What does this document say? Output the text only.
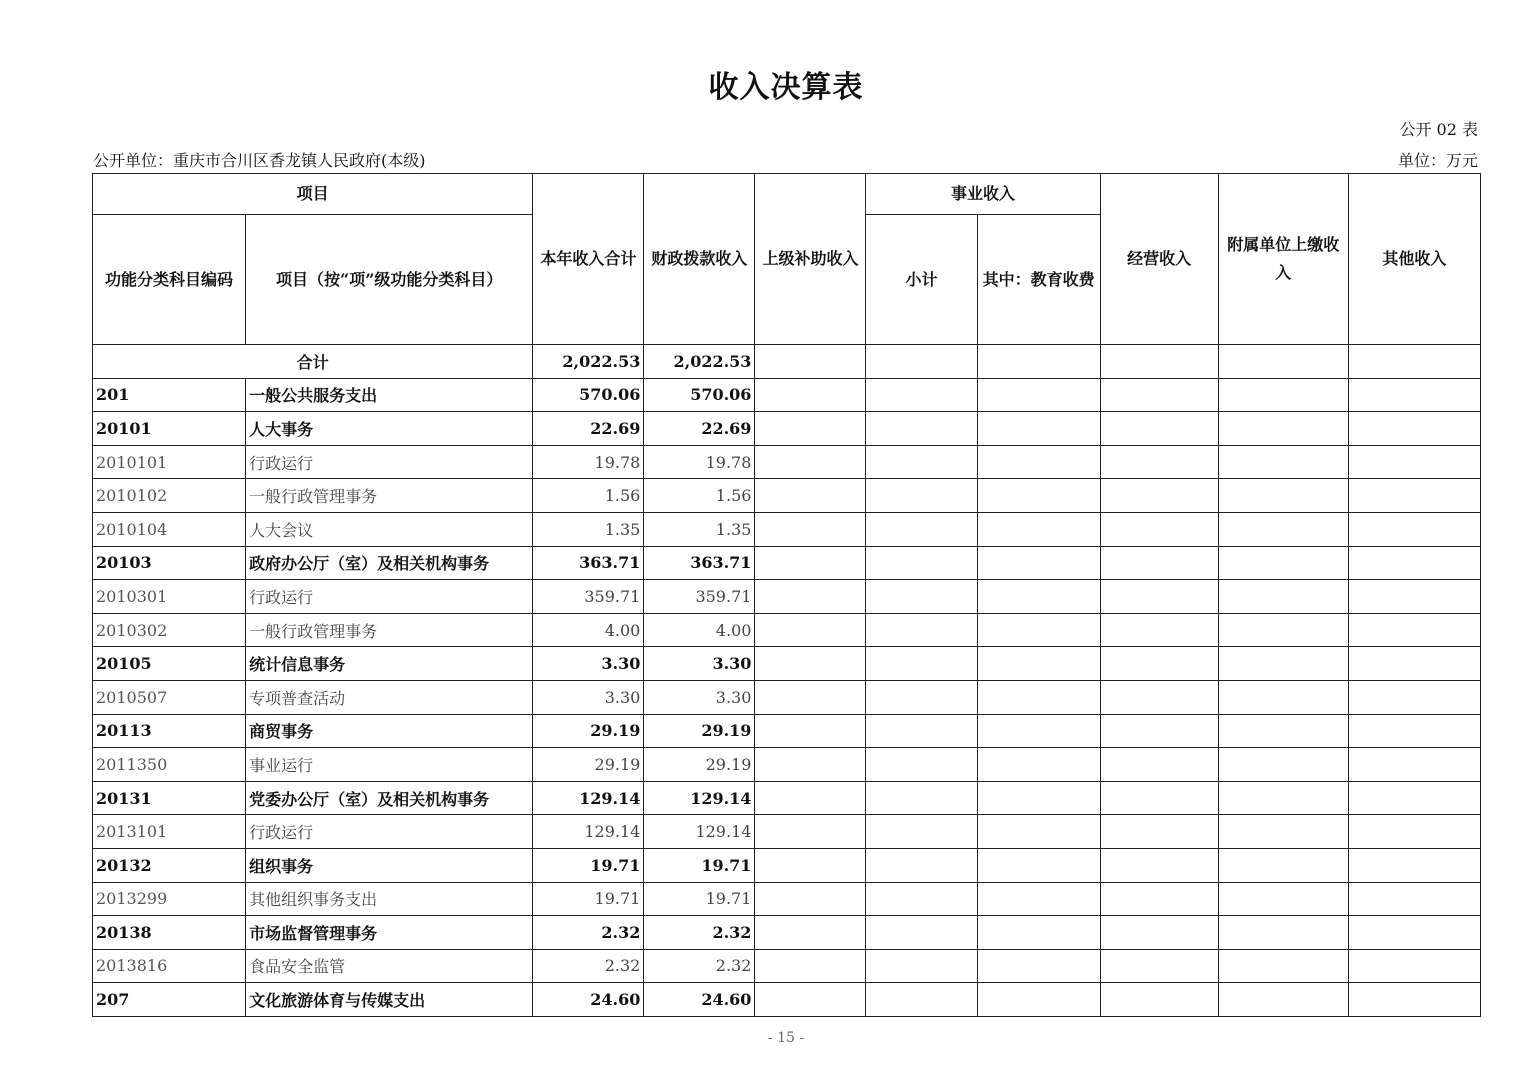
收入决算表
公开 02 表
公开单位：重庆市合川区香龙镇人民政府(本级)	单位：万元
项目		本年收入合计	财政拨款收入	上级补助收入	事业收入		经营收入	附属单位上缴收入	其他收入
功能分类科目编码	项目（按“项”级功能分类科目）				小计	其中：教育收费			
合计		2,022.53	2,022.53						
201	一般公共服务支出	570.06	570.06						
20101	人大事务	22.69	22.69						
2010101	行政运行	19.78	19.78						
2010102	一般行政管理事务	1.56	1.56						
2010104	人大会议	1.35	1.35						
20103	政府办公厅（室）及相关机构事务	363.71	363.71						
2010301	行政运行	359.71	359.71						
2010302	一般行政管理事务	4.00	4.00						
20105	统计信息事务	3.30	3.30						
2010507	专项普查活动	3.30	3.30						
20113	商贸事务	29.19	29.19						
2011350	事业运行	29.19	29.19						
20131	党委办公厅（室）及相关机构事务	129.14	129.14						
2013101	行政运行	129.14	129.14						
20132	组织事务	19.71	19.71						
2013299	其他组织事务支出	19.71	19.71						
20138	市场监督管理事务	2.32	2.32						
2013816	食品安全监管	2.32	2.32						
207	文化旅游体育与传媒支出	24.60	24.60						
- 15 -
